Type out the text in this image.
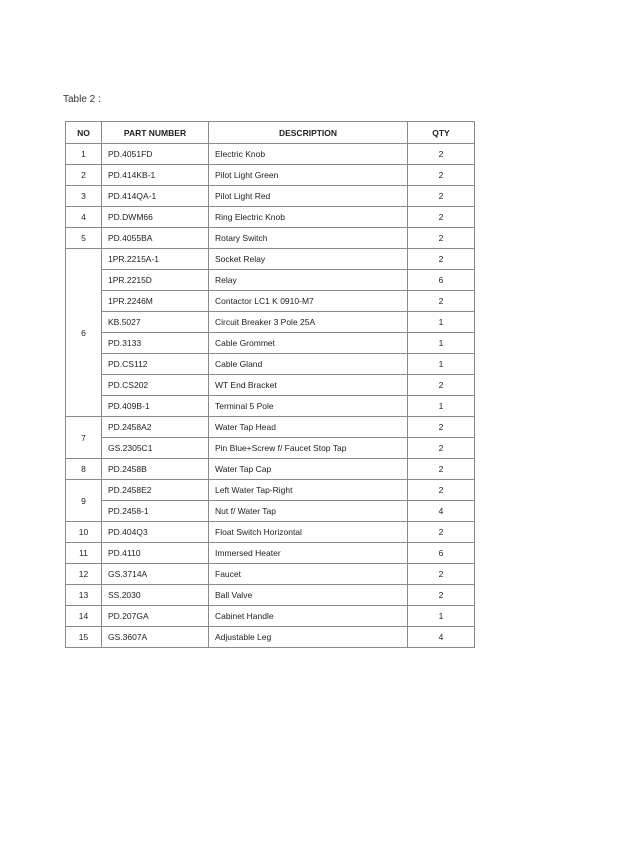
Table 2 :
NO	PART NUMBER	DESCRIPTION	QTY
1	PD.4051FD	Electric Knob	2
2	PD.414KB-1	Pilot Light Green	2
3	PD.414QA-1	Pilot Light Red	2
4	PD.DWM66	Ring Electric Knob	2
5	PD.4055BA	Rotary Switch	2
6	1PR.2215A-1	Socket Relay	2
	1PR.2215D	Relay	6
	1PR.2246M	Contactor LC1 K 0910-M7	2
	KB.5027	Circuit Breaker 3 Pole 25A	1
	PD.3133	Cable Grommet	1
	PD.CS112	Cable Gland	1
	PD.CS202	WT End Bracket	2
	PD.409B-1	Terminal 5 Pole	1
7	PD.2458A2	Water Tap Head	2
	GS.2305C1	Pin Blue+Screw f/ Faucet Stop Tap	2
8	PD.2458B	Water Tap Cap	2
9	PD.2458E2	Left Water Tap-Right	2
	PD.2458-1	Nut f/ Water Tap	4
10	PD.404Q3	Float Switch Horizontal	2
11	PD.4110	Immersed Heater	6
12	GS.3714A	Faucet	2
13	SS.2030	Ball Valve	2
14	PD.207GA	Cabinet Handle	1
15	GS.3607A	Adjustable Leg	4
